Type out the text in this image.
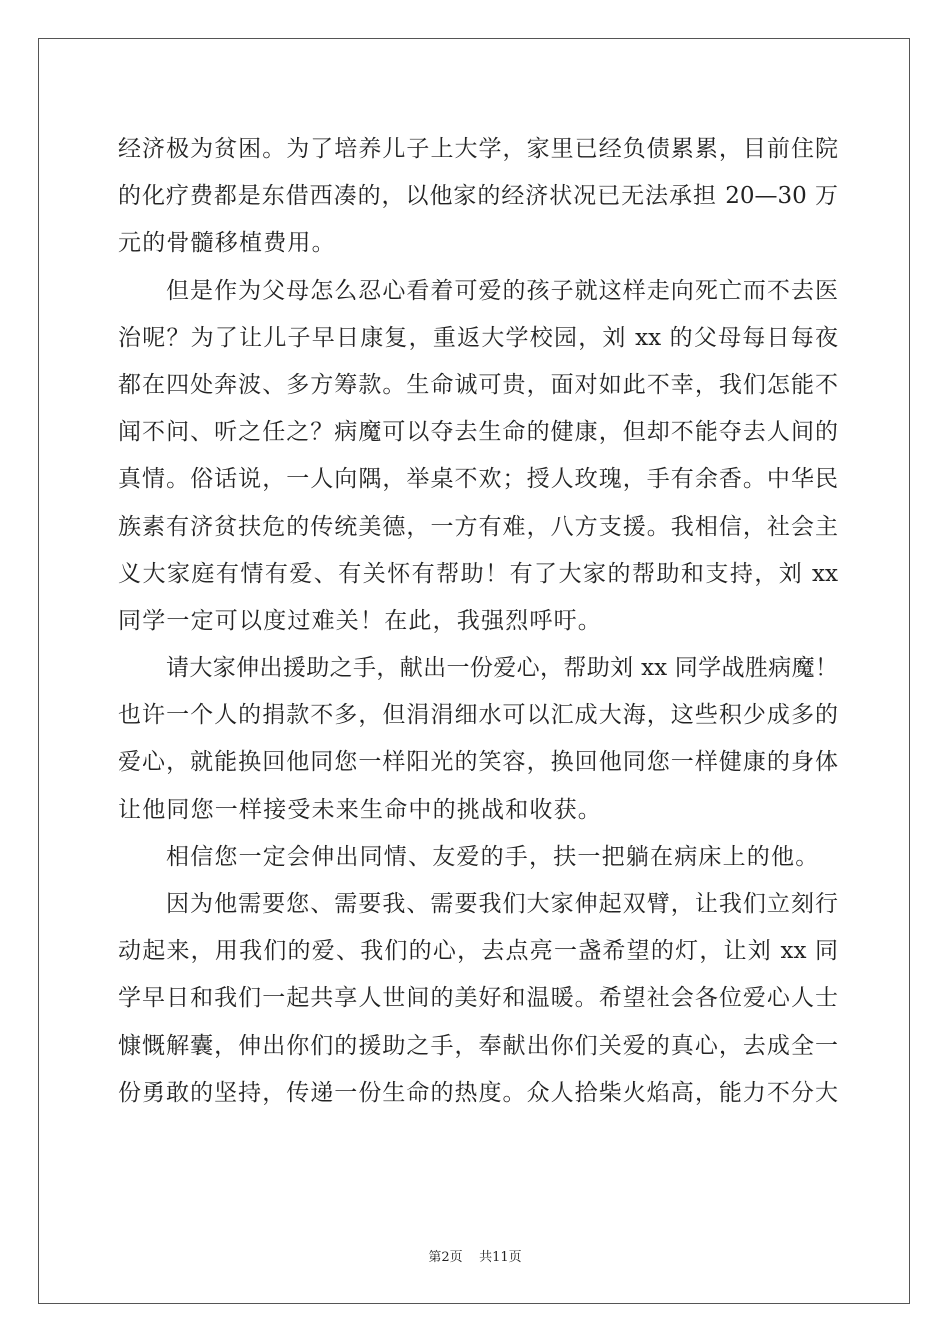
经济极为贫困。为了培养儿子上大学，家里已经负债累累，目前住院
的化疗费都是东借西凑的，以他家的经济状况已无法承担 20—30 万
元的骨髓移植费用。
但是作为父母怎么忍心看着可爱的孩子就这样走向死亡而不去医
治呢？为了让儿子早日康复，重返大学校园，刘 xx 的父母每日每夜
都在四处奔波、多方筹款。生命诚可贵，面对如此不幸，我们怎能不
闻不问、听之任之？病魔可以夺去生命的健康，但却不能夺去人间的
真情。俗话说，一人向隅，举桌不欢；授人玫瑰，手有余香。中华民
族素有济贫扶危的传统美德，一方有难，八方支援。我相信，社会主
义大家庭有情有爱、有关怀有帮助！有了大家的帮助和支持，刘 xx
同学一定可以度过难关！在此，我强烈呼吁。
请大家伸出援助之手，献出一份爱心，帮助刘 xx 同学战胜病魔！
也许一个人的捐款不多，但涓涓细水可以汇成大海，这些积少成多的
爱心，就能换回他同您一样阳光的笑容，换回他同您一样健康的身体
让他同您一样接受未来生命中的挑战和收获。
相信您一定会伸出同情、友爱的手，扶一把躺在病床上的他。
因为他需要您、需要我、需要我们大家伸起双臂，让我们立刻行
动起来，用我们的爱、我们的心，去点亮一盏希望的灯，让刘 xx 同
学早日和我们一起共享人世间的美好和温暖。希望社会各位爱心人士
慷慨解囊，伸出你们的援助之手，奉献出你们关爱的真心，去成全一
份勇敢的坚持，传递一份生命的热度。众人拾柴火焰高，能力不分大
第2页 共11页
